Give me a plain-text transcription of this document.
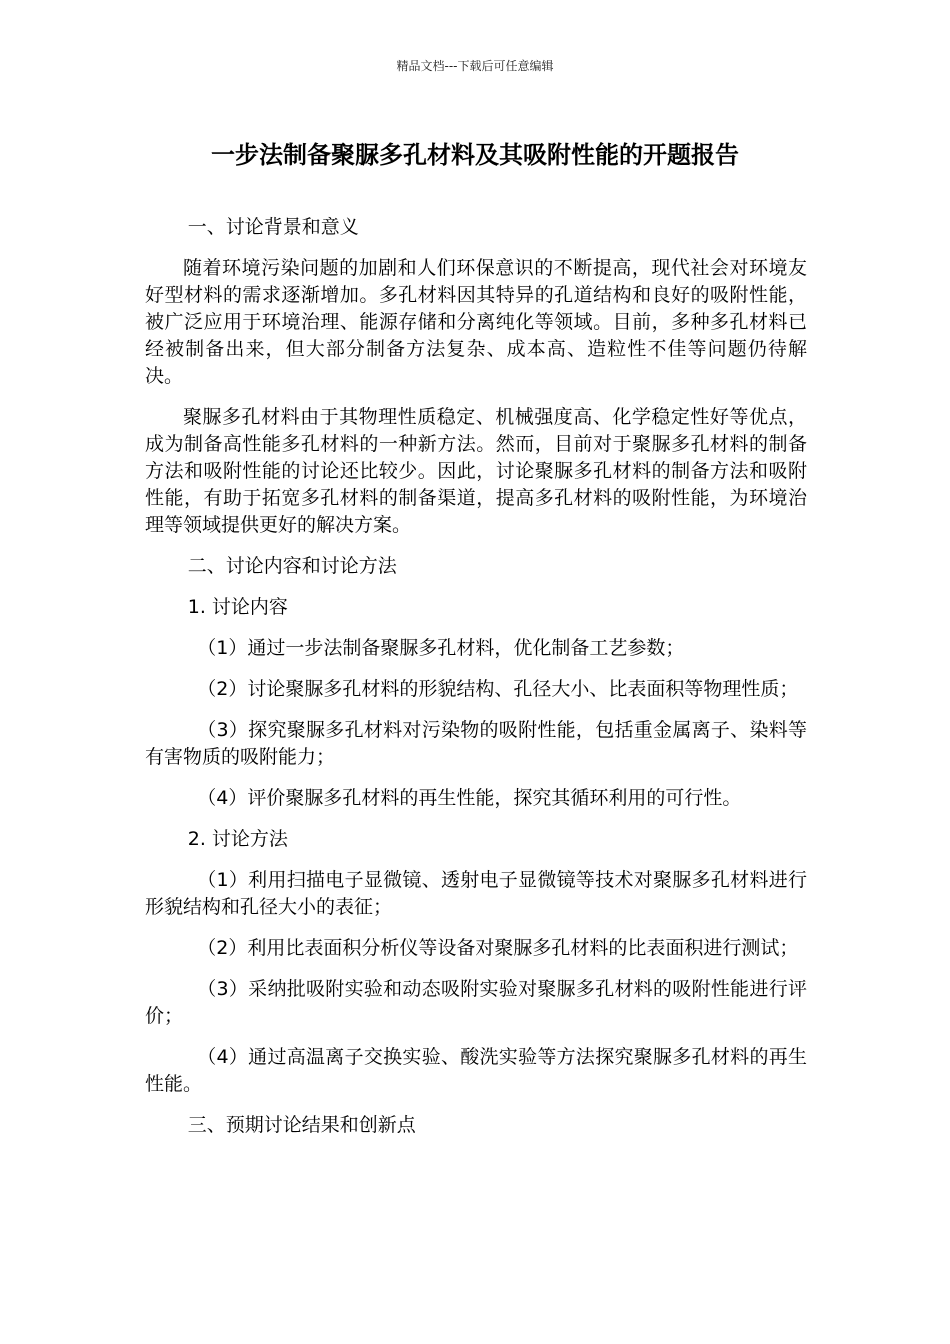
精品文档---下载后可任意编辑
一步法制备聚脲多孔材料及其吸附性能的开题报告

一、讨论背景和意义

随着环境污染问题的加剧和人们环保意识的不断提高，现代社会对环境友好型材料的需求逐渐增加。多孔材料因其特异的孔道结构和良好的吸附性能，被广泛应用于环境治理、能源存储和分离纯化等领域。目前，多种多孔材料已经被制备出来，但大部分制备方法复杂、成本高、造粒性不佳等问题仍待解决。

聚脲多孔材料由于其物理性质稳定、机械强度高、化学稳定性好等优点，成为制备高性能多孔材料的一种新方法。然而，目前对于聚脲多孔材料的制备方法和吸附性能的讨论还比较少。因此，讨论聚脲多孔材料的制备方法和吸附性能，有助于拓宽多孔材料的制备渠道，提高多孔材料的吸附性能，为环境治理等领域提供更好的解决方案。

二、讨论内容和讨论方法

1. 讨论内容

（1）通过一步法制备聚脲多孔材料，优化制备工艺参数；

（2）讨论聚脲多孔材料的形貌结构、孔径大小、比表面积等物理性质；

（3）探究聚脲多孔材料对污染物的吸附性能，包括重金属离子、染料等有害物质的吸附能力；

（4）评价聚脲多孔材料的再生性能，探究其循环利用的可行性。

2. 讨论方法

（1）利用扫描电子显微镜、透射电子显微镜等技术对聚脲多孔材料进行形貌结构和孔径大小的表征；

（2）利用比表面积分析仪等设备对聚脲多孔材料的比表面积进行测试；

（3）采纳批吸附实验和动态吸附实验对聚脲多孔材料的吸附性能进行评价；

（4）通过高温离子交换实验、酸洗实验等方法探究聚脲多孔材料的再生性能。

三、预期讨论结果和创新点
